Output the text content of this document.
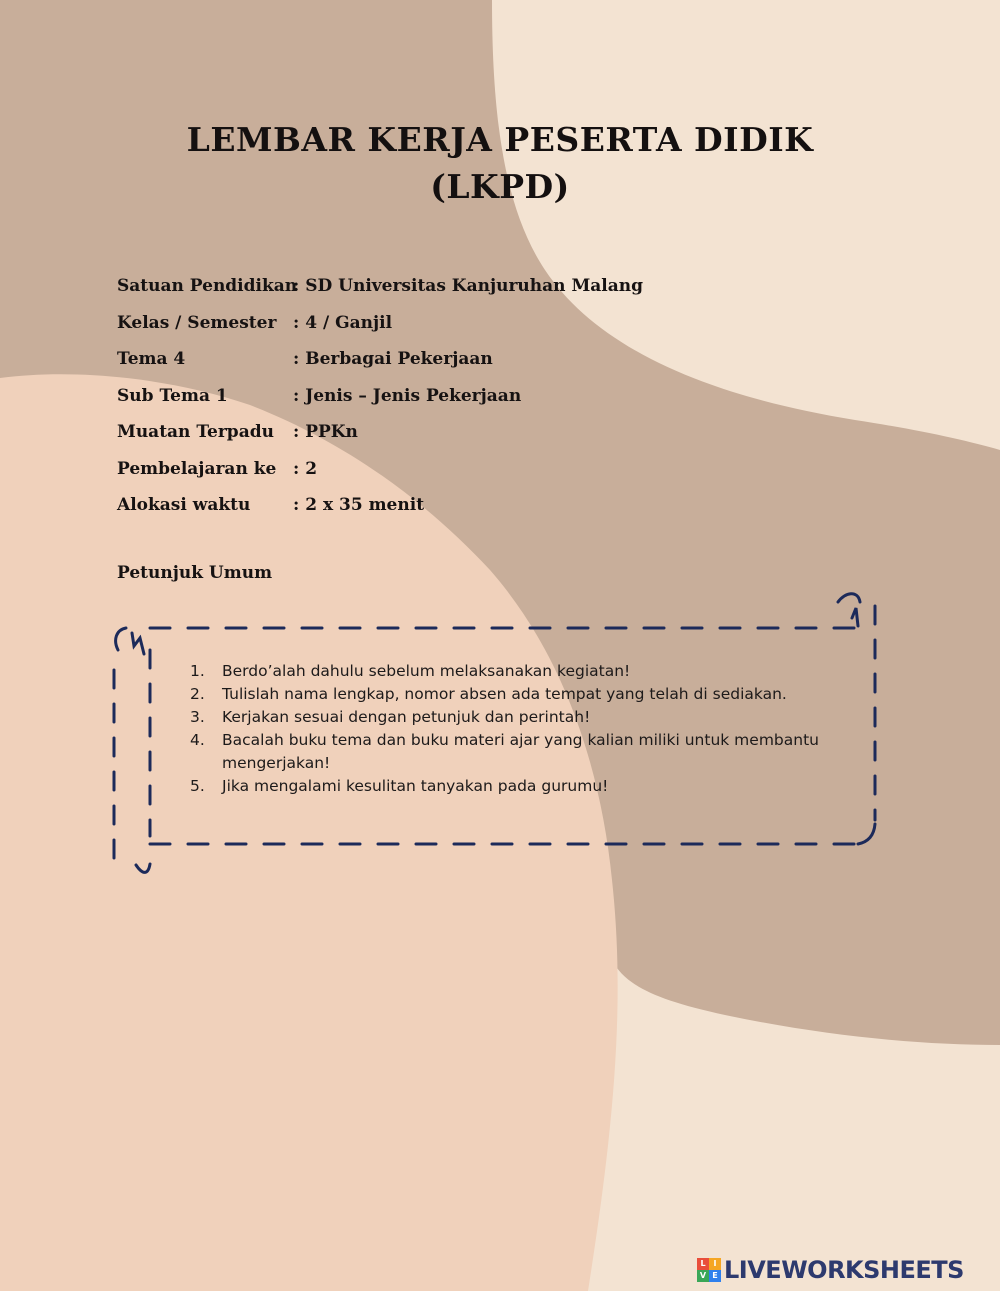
LEMBAR KERJA PESERTA DIDIK
(LKPD)
Satuan Pendidikan
: SD Universitas Kanjuruhan Malang
Kelas / Semester : 4 / Ganjil
Tema 4	: Berbagai Pekerjaan
Sub Tema 1	: Jenis – Jenis Pekerjaan
Muatan Terpadu	: PPKn
Pembelajaran ke : 2
Alokasi waktu	: 2 x 35 menit
Petunjuk Umum
1.	Berdo’alah dahulu sebelum melaksanakan kegiatan!
2.	Tulislah nama lengkap, nomor absen ada tempat yang telah di sediakan.
3.	Kerjakan sesuai dengan petunjuk dan perintah!
4.	Bacalah buku tema dan buku materi ajar yang kalian miliki untuk membantu mengerjakan!
5.	Jika mengalami kesulitan tanyakan pada gurumu!
L I
V E LIVEWORKSHEETS
